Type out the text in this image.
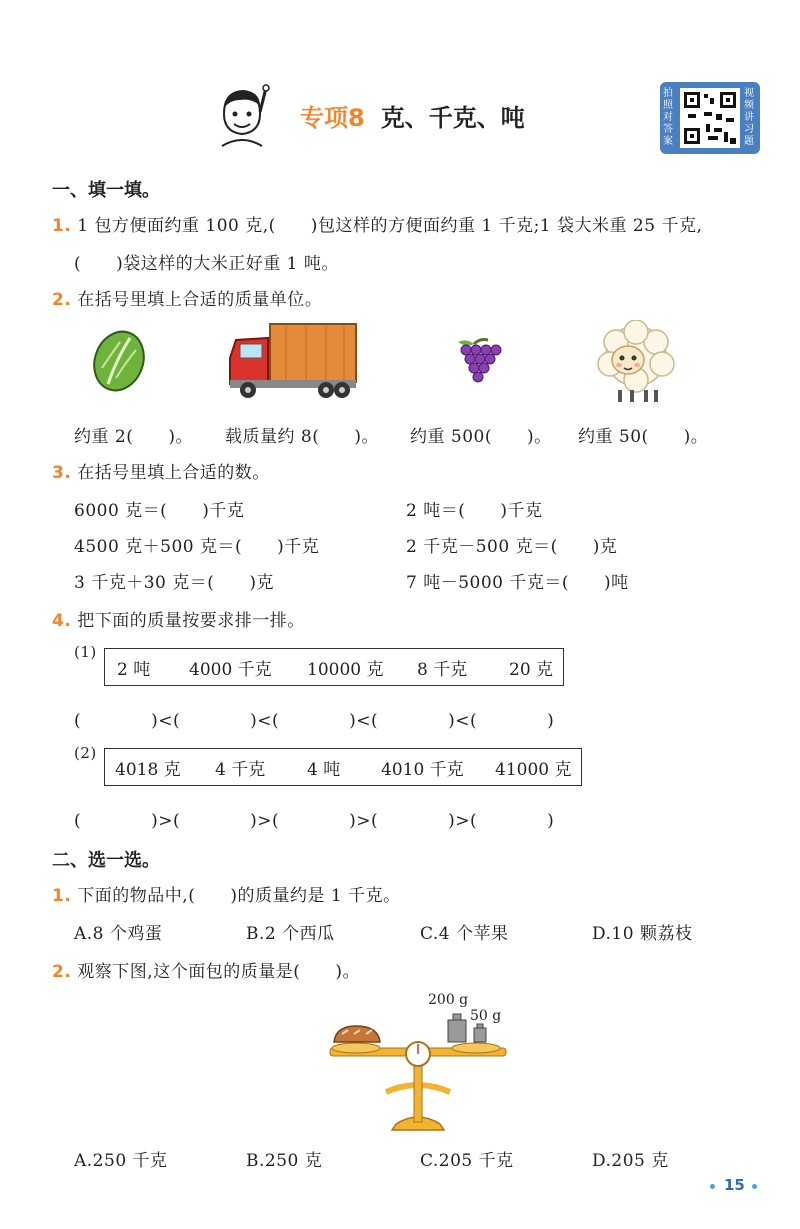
专项8 克、千克、吨
拍照对答案
视频讲习题
一、填一填。
1. 1 包方便面约重 100 克,(　　)包这样的方便面约重 1 千克;1 袋大米重 25 千克,
(　　)袋这样的大米正好重 1 吨。
2. 在括号里填上合适的质量单位。
约重 2(　　)。 载质量约 8(　　)。 约重 500(　　)。 约重 50(　　)。
3. 在括号里填上合适的数。
6000 克＝(　　)千克	2 吨＝(　　)千克
4500 克＋500 克＝(　　)千克	2 千克－500 克＝(　　)克
3 千克＋30 克＝(　　)克	7 吨－5000 千克＝(　　)吨
4. 把下面的质量按要求排一排。
(1)
2 吨 4000 千克 10000 克 8 千克 20 克
(　　　　)<(　　　　)<(　　　　)<(　　　　)<(　　　　)
(2)
4018 克 4 千克 4 吨 4010 千克 41000 克
(　　　　)>(　　　　)>(　　　　)>(　　　　)>(　　　　)
二、选一选。
1. 下面的物品中,(　　)的质量约是 1 千克。
A.8 个鸡蛋	B.2 个西瓜	C.4 个苹果	D.10 颗荔枝
2. 观察下图,这个面包的质量是(　　)。
200 g
50 g
A.250 千克	B.250 克	C.205 千克	D.205 克
15
